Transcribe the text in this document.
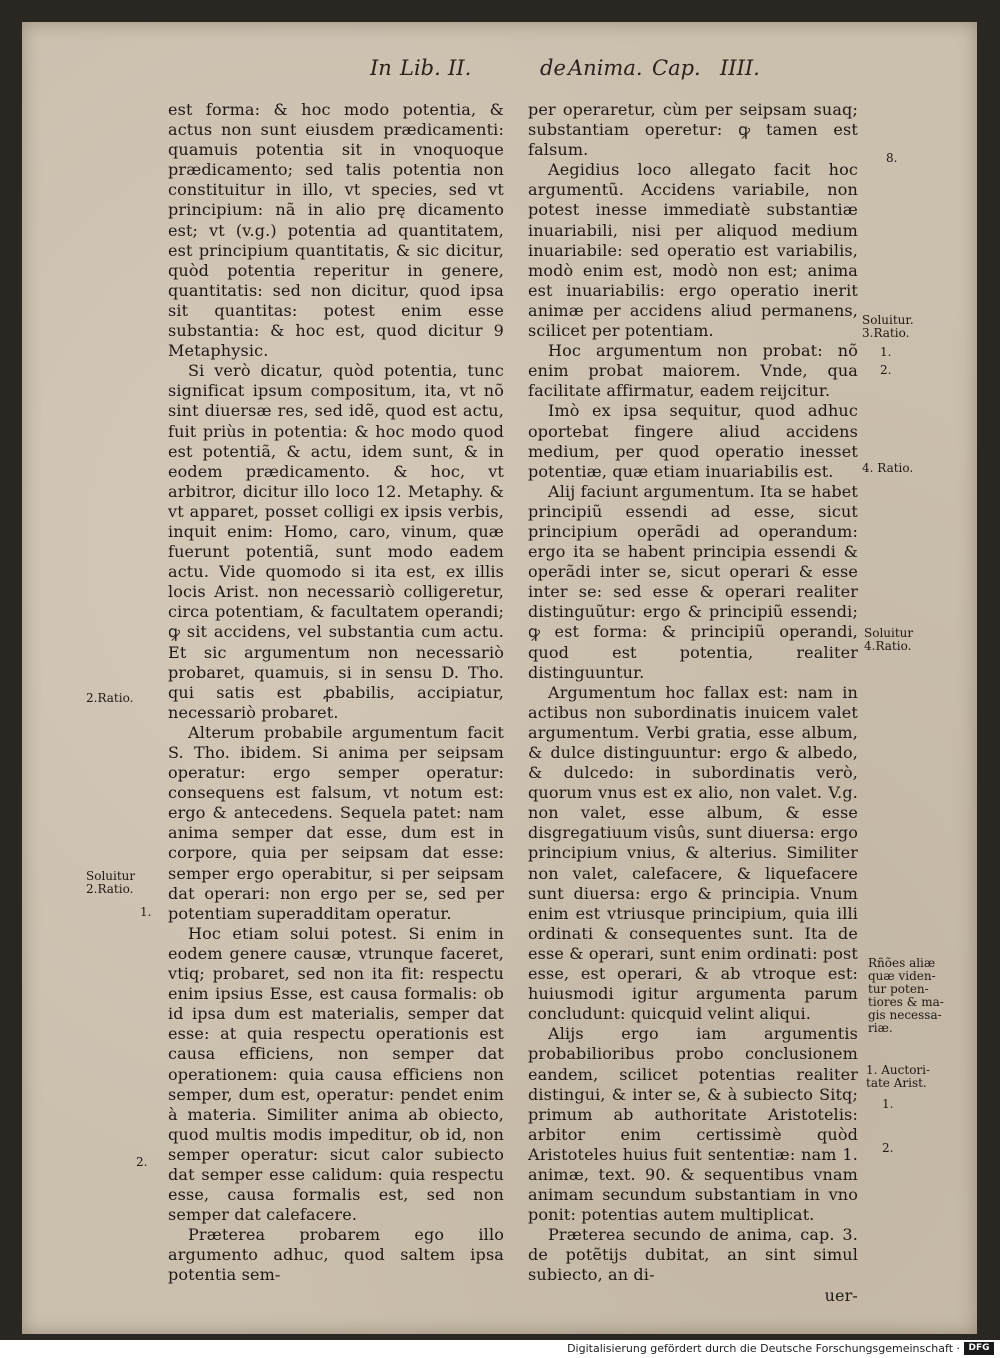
In Lib. II.	de Anima. Cap. IIII.

est forma: & hoc modo potentia, & actus non sunt eiusdem prædicamenti: quamuis potentia sit in vnoquoque prædicamento; sed talis potentia non constituitur in illo, vt species, sed vt principium: nã in alio prę dicamento est; vt (v.g.) potentia ad quantitatem, est principium quantitatis, & sic dicitur, quòd potentia reperitur in genere, quantitatis: sed non dicitur, quod ipsa sit quantitas: potest enim esse substantia: & hoc est, quod dicitur 9 Metaphysic.

Si verò dicatur, quòd potentia, tunc significat ipsum compositum, ita, vt nõ sint diuersæ res, sed idẽ, quod est actu, fuit priùs in potentia: & hoc modo quod est potentiã, & actu, idem sunt, & in eodem prædicamento. & hoc, vt arbitror, dicitur illo loco 12. Metaphy. & vt apparet, posset colligi ex ipsis verbis, inquit enim: Homo, caro, vinum, quæ fuerunt potentiã, sunt modo eadem actu. Vide quomodo si ita est, ex illis locis Arist. non necessariò colligeretur, circa potentiam, & facultatem operandi; ꝙ sit accidens, vel substantia cum actu. Et sic argumentum non necessariò probaret, quamuis, si in sensu D. Tho. qui satis est ꝓbabilis, accipiatur, necessariò probaret.

Alterum probabile argumentum facit S. Tho. ibidem. Si anima per seipsam operatur: ergo semper operatur: consequens est falsum, vt notum est: ergo & antecedens. Sequela patet: nam anima semper dat esse, dum est in corpore, quia per seipsam dat esse: semper ergo operabitur, si per seipsam dat operari: non ergo per se, sed per potentiam superadditam operatur.

Hoc etiam solui potest. Si enim in eodem genere causæ, vtrunque faceret, vtiq; probaret, sed non ita fit: respectu enim ipsius Esse, est causa formalis: ob id ipsa dum est materialis, semper dat esse: at quia respectu operationis est causa efficiens, non semper dat operationem: quia causa efficiens non semper, dum est, operatur: pendet enim à materia. Similiter anima ab obiecto, quod multis modis impeditur, ob id, non semper operatur: sicut calor subiecto dat semper esse calidum: quia respectu esse, causa formalis est, sed non semper dat calefacere.

Præterea probarem ego illo argumento adhuc, quod saltem ipsa potentia sem-

per operaretur, cùm per seipsam suaq; substantiam operetur: ꝙ tamen est falsum.

Aegidius loco allegato facit hoc argumentũ. Accidens variabile, non potest inesse immediatè substantiæ inuariabili, nisi per aliquod medium inuariabile: sed operatio est variabilis, modò enim est, modò non est; anima est inuariabilis: ergo operatio inerit animæ per accidens aliud permanens, scilicet per potentiam.

Hoc argumentum non probat: nõ enim probat maiorem. Vnde, qua facilitate affirmatur, eadem reijcitur.

Imò ex ipsa sequitur, quod adhuc oportebat fingere aliud accidens medium, per quod operatio inesset potentiæ, quæ etiam inuariabilis est.

Alij faciunt argumentum. Ita se habet principiũ essendi ad esse, sicut principium operãdi ad operandum: ergo ita se habent principia essendi & operãdi inter se, sicut operari & esse inter se: sed esse & operari realiter distinguũtur: ergo & principiũ essendi; ꝙ est forma: & principiũ operandi, quod est potentia, realiter distinguuntur.

Argumentum hoc fallax est: nam in actibus non subordinatis inuicem valet argumentum. Verbi gratia, esse album, & dulce distinguuntur: ergo & albedo, & dulcedo: in subordinatis verò, quorum vnus est ex alio, non valet. V.g. non valet, esse album, & esse disgregatiuum visûs, sunt diuersa: ergo principium vnius, & alterius. Similiter non valet, calefacere, & liquefacere sunt diuersa: ergo & principia. Vnum enim est vtriusque principium, quia illi ordinati & consequentes sunt. Ita de esse & operari, sunt enim ordinati: post esse, est operari, & ab vtroque est: huiusmodi igitur argumenta parum concludunt: quicquid velint aliqui.

Alijs ergo iam argumentis probabilioribus probo conclusionem eandem, scilicet potentias realiter distingui, & inter se, & à subiecto Sitq; primum ab authoritate Aristotelis: arbitor enim certissimè quòd Aristoteles huius fuit sententiæ: nam 1. animæ, text. 90. & sequentibus vnam animam secundum substantiam in vno ponit: potentias autem multiplicat.

Præterea secundo de anima, cap. 3. de potẽtijs dubitat, an sint simul subiecto, an di-

uer-

8.
Soluitur.
3.Ratio.
1.
2.
4. Ratio.
Soluitur
4.Ratio.
2.Ratio.
Soluitur
2.Ratio.
1.
Rñões aliæ
quæ viden-
tur poten-
tiores & ma-
gis necessa-
riæ.
1. Auctori-
tate Arist.
1.
2.
2.
Digitalisierung gefördert durch die Deutsche Forschungsgemeinschaft · DFG
